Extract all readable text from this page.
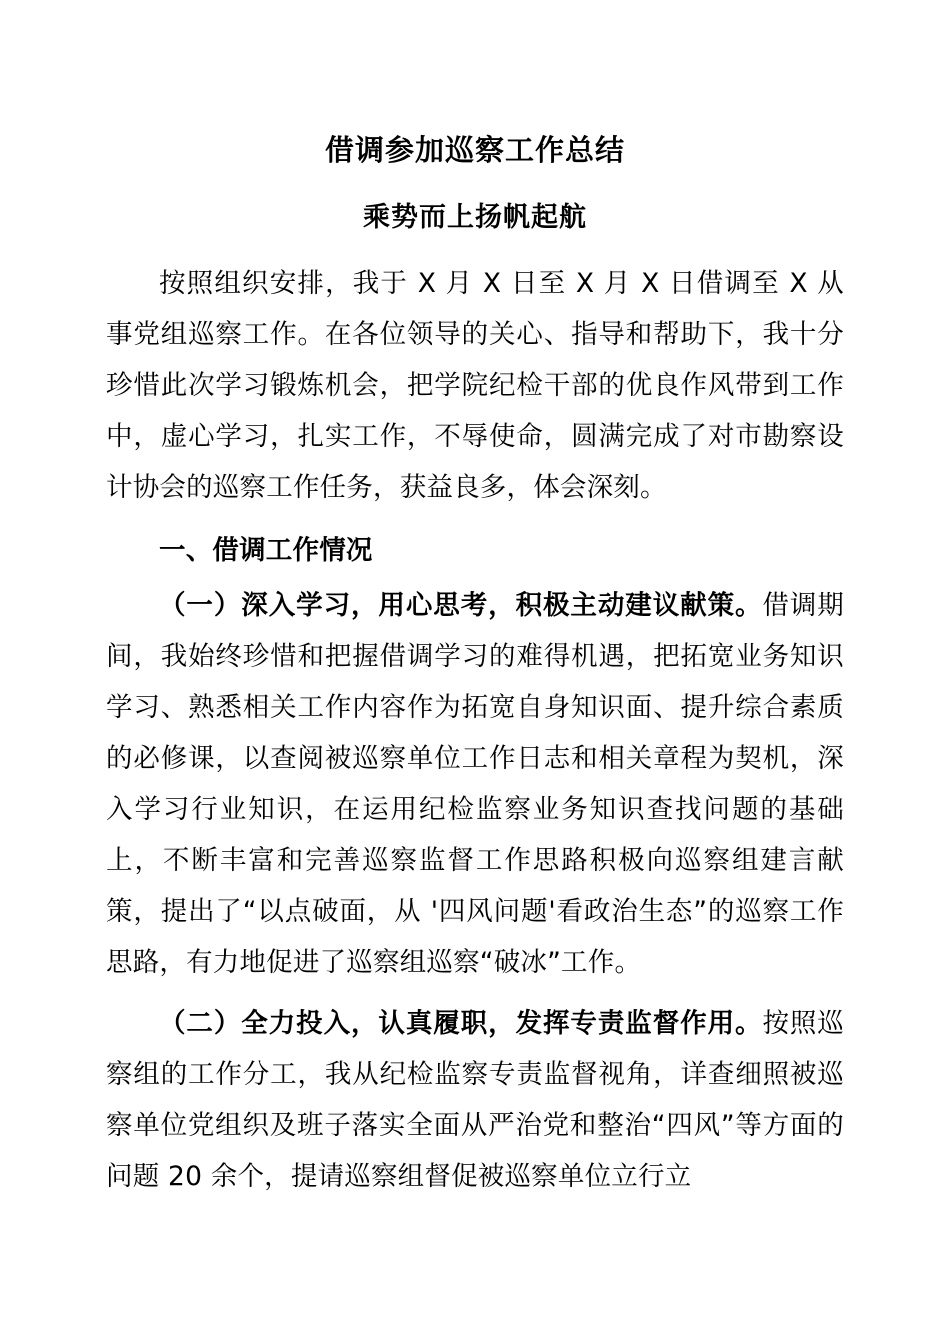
借调参加巡察工作总结
乘势而上扬帆起航

按照组织安排，我于 X 月 X 日至 X 月 X 日借调至 X 从事党组巡察工作。在各位领导的关心、指导和帮助下，我十分珍惜此次学习锻炼机会，把学院纪检干部的优良作风带到工作中，虚心学习，扎实工作，不辱使命，圆满完成了对市勘察设计协会的巡察工作任务，获益良多，体会深刻。

一、借调工作情况

（一）深入学习，用心思考，积极主动建议献策。借调期间，我始终珍惜和把握借调学习的难得机遇，把拓宽业务知识学习、熟悉相关工作内容作为拓宽自身知识面、提升综合素质的必修课，以查阅被巡察单位工作日志和相关章程为契机，深入学习行业知识，在运用纪检监察业务知识查找问题的基础上，不断丰富和完善巡察监督工作思路积极向巡察组建言献策，提出了“以点破面，从 '四风问题'看政治生态”的巡察工作思路，有力地促进了巡察组巡察“破冰”工作。

（二）全力投入，认真履职，发挥专责监督作用。按照巡察组的工作分工，我从纪检监察专责监督视角，详查细照被巡察单位党组织及班子落实全面从严治党和整治“四风”等方面的问题 20 余个，提请巡察组督促被巡察单位立行立
